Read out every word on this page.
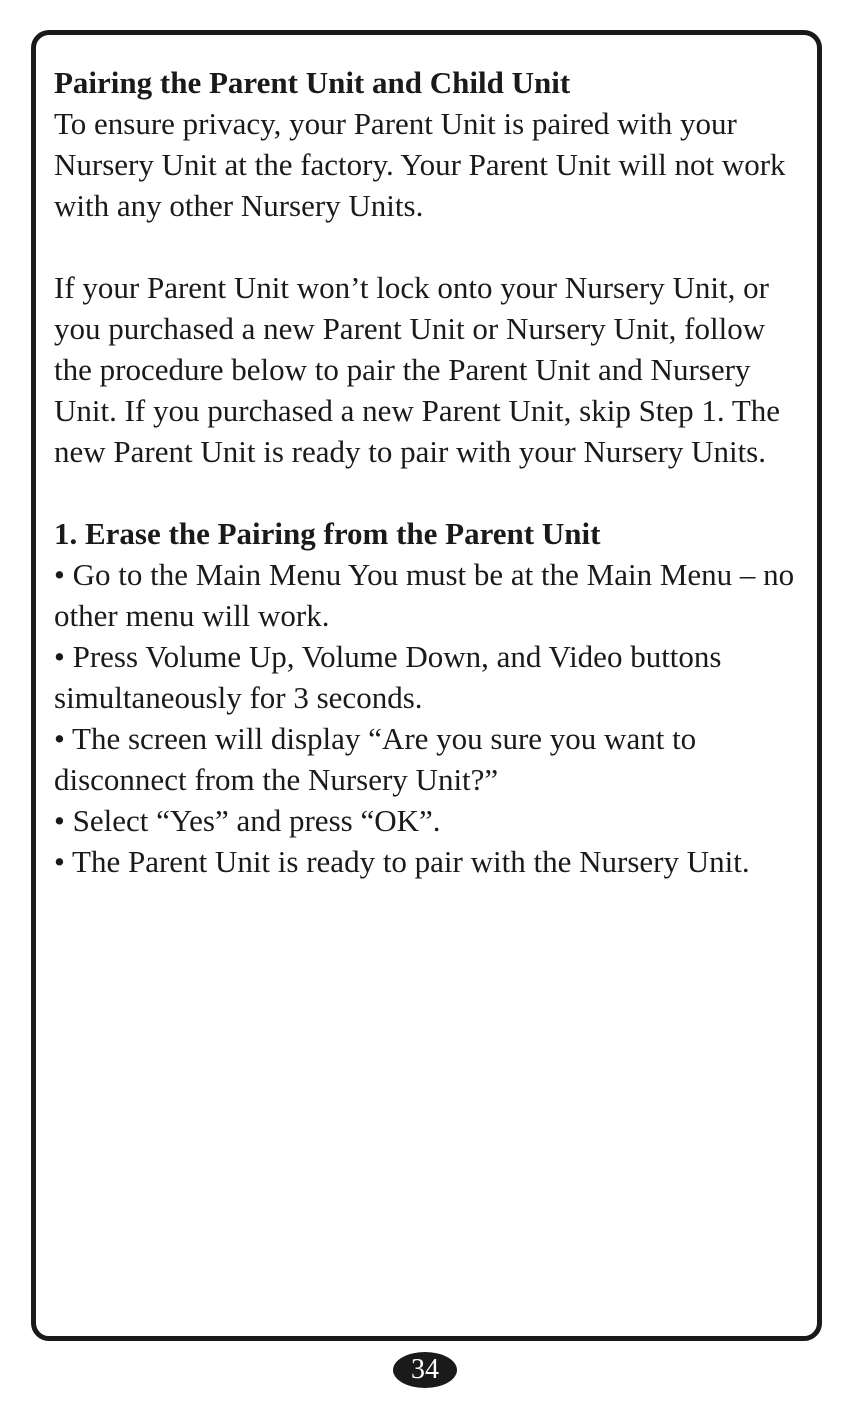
Pairing the Parent Unit and Child Unit

To ensure privacy, your Parent Unit is paired with your Nursery Unit at the factory. Your Parent Unit will not work with any other Nursery Units.

If your Parent Unit won’t lock onto your Nursery Unit, or you purchased a new Parent Unit or Nursery Unit, follow the procedure below to pair the Parent Unit and Nursery Unit. If you purchased a new Parent Unit, skip Step 1. The new Parent Unit is ready to pair with your Nursery Units.

1. Erase the Pairing from the Parent Unit

• Go to the Main Menu You must be at the Main Menu – no other menu will work.

• Press Volume Up, Volume Down, and Video buttons simultaneously for 3 seconds.

• The screen will display “Are you sure you want to disconnect from the Nursery Unit?”

• Select “Yes” and press “OK”.

• The Parent Unit is ready to pair with the Nursery Unit.

34
